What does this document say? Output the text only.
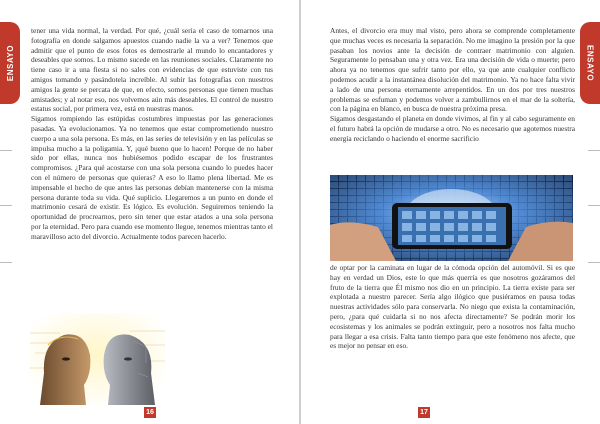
ENSAYO
tener una vida normal, la verdad. Por qué, ¿cuál sería el caso de tomarnos una fotografía en donde salgamos apuestos cuando nadie la va a ver? Tenemos que admitir que el punto de esos fotos es demostrarle al mundo lo encantadores y deseables que somos. Lo mismo sucede en las reuniones sociales. Claramente no tiene caso ir a una fiesta si no sales con evidencias de que estuviste con tus amigos tomando y pasándotela increíble. Al subir las fotografías con nuestros amigos la gente se percata de que, en efecto, somos personas que tienen muchas amistades; y al notar eso, nos volvemos aún más deseables. El control de nuestro estatus social, por primera vez, está en nuestras manos.
Sigamos rompiendo las estúpidas costumbres impuestas por las generaciones pasadas. Ya evolucionamos. Ya no tenemos que estar comprometiendo nuestro cuerpo a una sola persona. Es más, en las series de televisión y en las películas se impulsa mucho a la poligamia. Y, ¡qué bueno que lo hacen! Porque de no haber sido por ellas, nunca nos hubiésemos podido escapar de los frustrantes compromisos. ¿Para qué acostarse con una sola persona cuando lo puedes hacer con el número de personas que quieras? A eso lo llamo plena libertad. Me es impensable el hecho de que antes las personas debían mantenerse con la misma persona durante toda su vida. Qué suplicio. Llegaremos a un punto en donde el matrimonio cesará de existir. Es lógico. Es evolución. Seguiremos teniendo la oportunidad de procrearnos, pero sin tener que estar atados a una sola persona por la eternidad. Pero para cuando ese momento llegue, tenemos mientras tanto el maravilloso acto del divorcio. Actualmente todos parecen hacerlo.
16
ENSAYO
Antes, el divorcio era muy mal visto, pero ahora se comprende completamente que muchas veces es necesaria la separación. No me imagino la presión por la que pasaban los novios ante la decisión de contraer matrimonio con alguien. Seguramente lo pensaban una y otra vez. Era una decisión de vida o muerte; pero ahora ya no tenemos que sufrir tanto por ello, ya que ante cualquier conflicto podemos acudir a la instantánea disolución del matrimonio. Ya no hace falta vivir a lado de una persona eternamente arrepentidos. En un dos por tres nuestros problemas se esfuman y podemos volver a zambullirnos en el mar de la soltería, con la página en blanco, en busca de nuestra próxima presa.
Sigamos desgastando el planeta en donde vivimos, al fin y al cabo seguramente en el futuro habrá la opción de mudarse a otro. No es necesario que agotemos nuestra energía reciclando o haciendo el enorme sacrificio
de optar por la caminata en lugar de la cómoda opción del automóvil. Si es que hay en verdad un Dios, este lo que más querría es que nosotros gozáramos del fruto de la tierra que Él mismo nos dio en un principio. La tierra existe para ser explotada a nuestro parecer. Sería algo ilógico que pusiéramos en pausa todas nuestras actividades sólo para conservarla. No niego que exista la contaminación, pero, ¿para qué cuidarla si no nos afecta directamente? Se podrán morir los ecosistemas y los animales se podrán extinguir, pero a nosotros nos falta mucho para llegar a esa crisis. Falta tanto tiempo para que este fenómeno nos afecte, que es mejor no pensar en eso.
17
